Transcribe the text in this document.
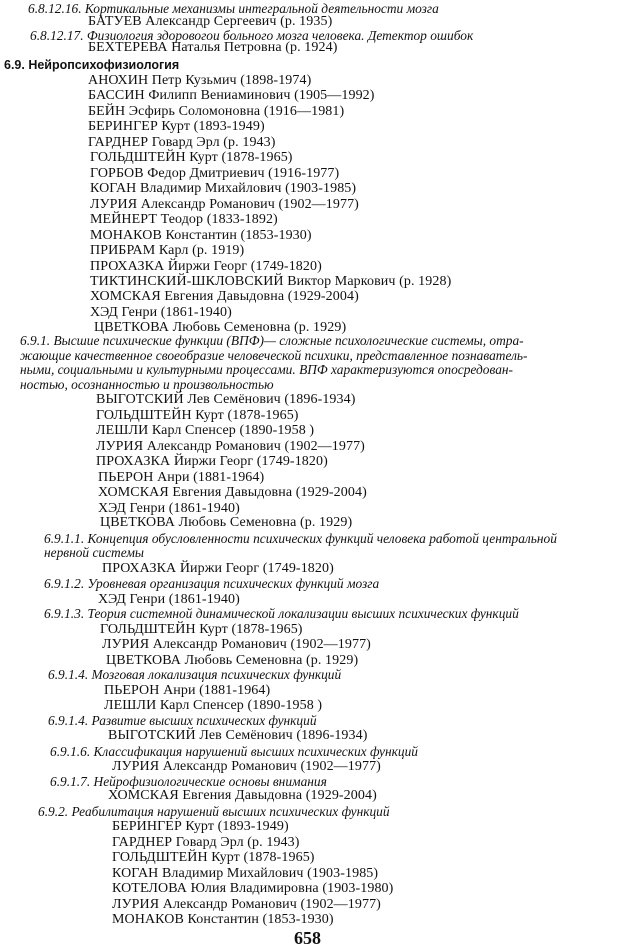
6.8.12.16. Кортикальные механизмы интегральной деятельности мозга
БАТУЕВ Александр Сергеевич (р. 1935)
6.8.12.17. Физиология здоровогои больного мозга человека. Детектор ошибок
БЕХТЕРЕВА Наталья Петровна (р. 1924)
6.9. Нейропсихофизиология
АНОХИН Петр Кузьмич (1898-1974)
БАССИН Филипп Вениаминович (1905—1992)
БЕЙН Эсфирь Соломоновна (1916—1981)
БЕРИНГЕР Курт (1893-1949)
ГАРДНЕР Говард Эрл (р. 1943)
ГОЛЬДШТЕЙН Курт (1878-1965)
ГОРБОВ Федор Дмитриевич (1916-1977)
КОГАН Владимир Михайлович (1903-1985)
ЛУРИЯ Александр Романович (1902—1977)
МЕЙНЕРТ Теодор (1833-1892)
МОНАКОВ Константин (1853-1930)
ПРИБРАМ Карл (р. 1919)
ПРОХАЗКА Йиржи Георг (1749-1820)
ТИКТИНСКИЙ-ШКЛОВСКИЙ Виктор Маркович (р. 1928)
ХОМСКАЯ Евгения Давыдовна (1929-2004)
ХЭД Генри (1861-1940)
ЦВЕТКОВА Любовь Семеновна (р. 1929)
6.9.1. Высшие психические функции (ВПФ)— сложные психологические системы, отра-
жающие качественное своеобразие человеческой психики, представленное познаватель-
ными, социальными и культурными процессами. ВПФ характеризуются опосредован-
ностью, осознанностью и произвольностью
ВЫГОТСКИЙ Лев Семёнович (1896-1934)
ГОЛЬДШТЕЙН Курт (1878-1965)
ЛЕШЛИ Карл Спенсер (1890-1958 )
ЛУРИЯ Александр Романович (1902—1977)
ПРОХАЗКА Йиржи Георг (1749-1820)
ПЬЕРОН Анри (1881-1964)
ХОМСКАЯ Евгения Давыдовна (1929-2004)
ХЭД Генри (1861-1940)
ЦВЕТКОВА Любовь Семеновна (р. 1929)
6.9.1.1. Концепция обусловленности психических функций человека работой центральной
нервной системы
ПРОХАЗКА Йиржи Георг (1749-1820)
6.9.1.2. Уровневая организация психических функций мозга
ХЭД Генри (1861-1940)
6.9.1.3. Теория системной динамической локализации высших психических функций
ГОЛЬДШТЕЙН Курт (1878-1965)
ЛУРИЯ Александр Романович (1902—1977)
ЦВЕТКОВА Любовь Семеновна (р. 1929)
6.9.1.4. Мозговая локализация психических функций
ПЬЕРОН Анри (1881-1964)
ЛЕШЛИ Карл Спенсер (1890-1958 )
6.9.1.4. Развитие высших психических функций
ВЫГОТСКИЙ Лев Семёнович (1896-1934)
6.9.1.6. Классификация нарушений высших психических функций
ЛУРИЯ Александр Романович (1902—1977)
6.9.1.7. Нейрофизиологические основы внимания
ХОМСКАЯ Евгения Давыдовна (1929-2004)
6.9.2. Реабилитация нарушений высших психических функций
БЕРИНГЕР Курт (1893-1949)
ГАРДНЕР Говард Эрл (р. 1943)
ГОЛЬДШТЕЙН Курт (1878-1965)
КОГАН Владимир Михайлович (1903-1985)
КОТЕЛОВА Юлия Владимировна (1903-1980)
ЛУРИЯ Александр Романович (1902—1977)
МОНАКОВ Константин (1853-1930)
658
